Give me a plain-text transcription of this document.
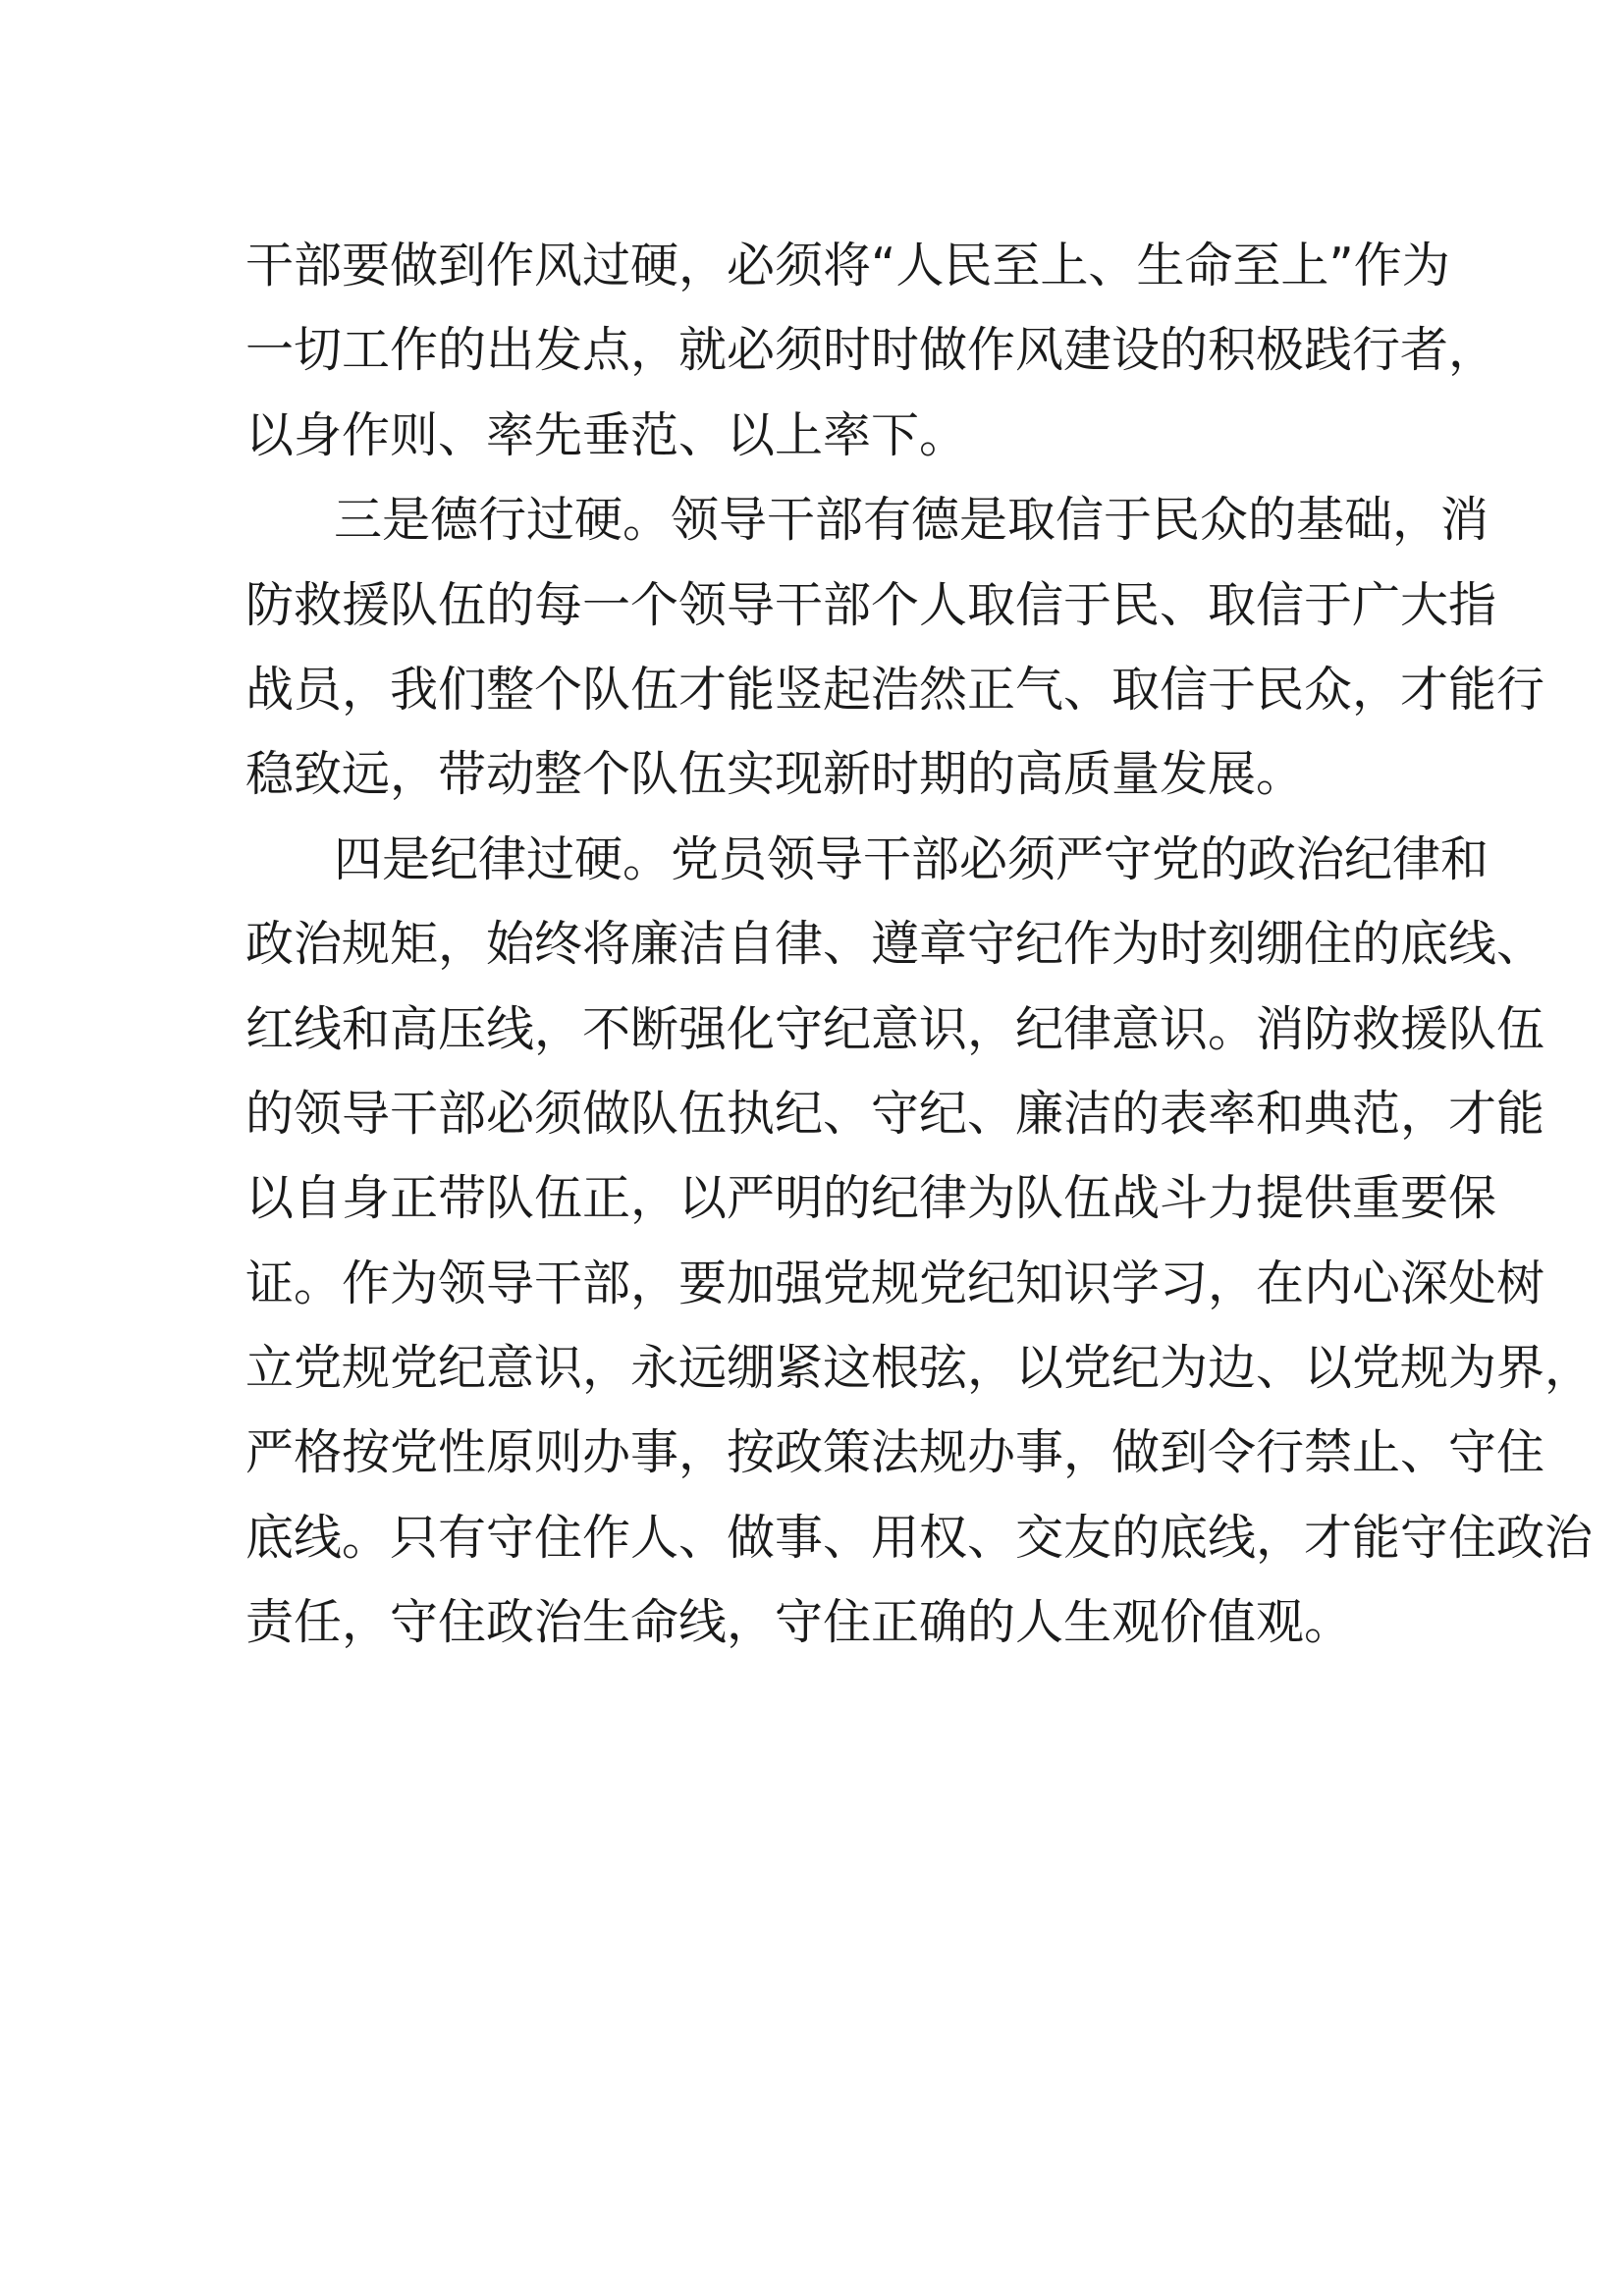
干部要做到作风过硬，必须将“人民至上、生命至上”作为
一切工作的出发点，就必须时时做作风建设的积极践行者，
以身作则、率先垂范、以上率下。
三是德行过硬。领导干部有德是取信于民众的基础，消
防救援队伍的每一个领导干部个人取信于民、取信于广大指
战员，我们整个队伍才能竖起浩然正气、取信于民众，才能行
稳致远，带动整个队伍实现新时期的高质量发展。
四是纪律过硬。党员领导干部必须严守党的政治纪律和
政治规矩，始终将廉洁自律、遵章守纪作为时刻绷住的底线、
红线和高压线，不断强化守纪意识，纪律意识。消防救援队伍
的领导干部必须做队伍执纪、守纪、廉洁的表率和典范，才能
以自身正带队伍正，以严明的纪律为队伍战斗力提供重要保
证。作为领导干部，要加强党规党纪知识学习，在内心深处树
立党规党纪意识，永远绷紧这根弦，以党纪为边、以党规为界，
严格按党性原则办事，按政策法规办事，做到令行禁止、守住
底线。只有守住作人、做事、用权、交友的底线，才能守住政治
责任，守住政治生命线，守住正确的人生观价值观。
